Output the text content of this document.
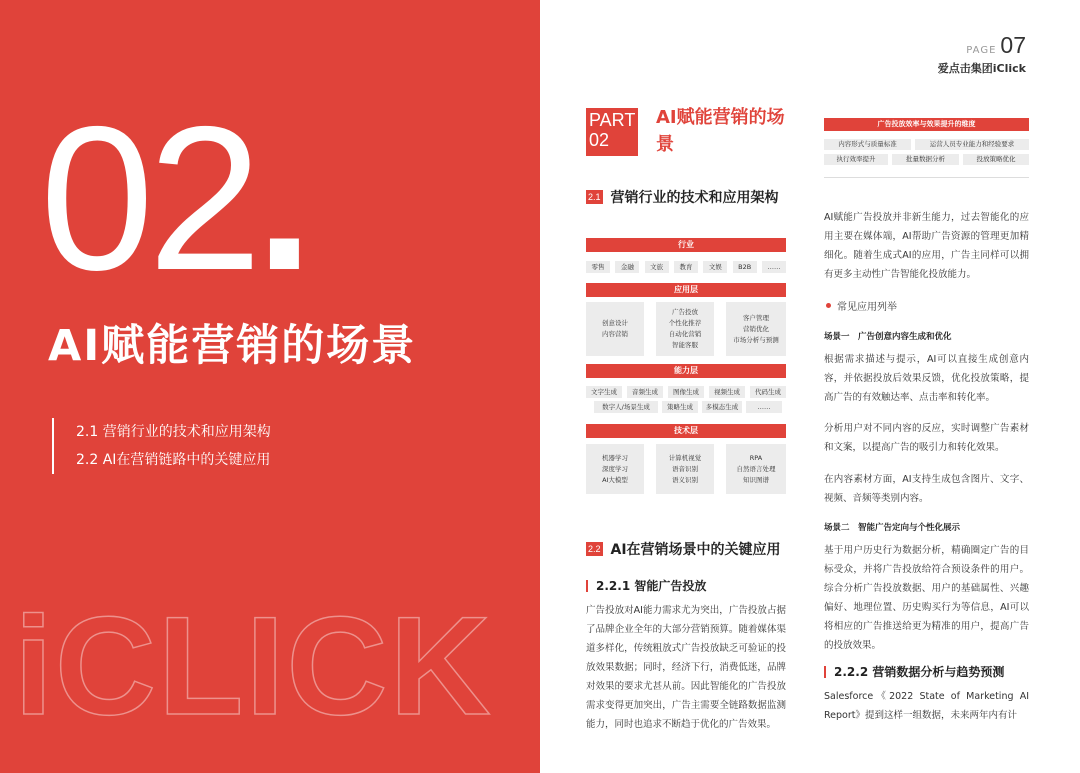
02.
AI赋能营销的场景
2.1 营销行业的技术和应用架构
2.2 AI在营销链路中的关键应用
iCLICK
PAGE 07
爱点击集团iClick
PART
02
AI赋能营销的场景
2.1 营销行业的技术和应用架构
行业
零售	金融	文旅	教育	文娱	B2B	……
应用层
创意设计
内容营销
广告投放
个性化推荐
自动化营销
智能客服
客户管理
营销优化
市场分析与预测
能力层
文字生成	音频生成	图像生成	视频生成	代码生成
数字人/场景生成	策略生成	多模态生成	……
技术层
机器学习
深度学习
AI大模型
计算机视觉
语音识别
语义识别
RPA
自然语言处理
知识图谱
2.2 AI在营销场景中的关键应用
2.2.1 智能广告投放
广告投放对AI能力需求尤为突出，广告投放占据了品牌企业全年的大部分营销预算。随着媒体渠道多样化，传统粗放式广告投放缺乏可验证的投放效果数据；同时，经济下行，消费低迷，品牌对效果的要求尤甚从前。因此智能化的广告投放需求变得更加突出，广告主需要全链路数据监测能力，同时也追求不断趋于优化的广告效果。
广告投放效率与效果提升的维度
内容形式与质量标准	运营人员专业能力和经验要求
执行效率提升	批量数据分析	投放策略优化
AI赋能广告投放并非新生能力，过去智能化的应用主要在媒体端，AI帮助广告资源的管理更加精细化。随着生成式AI的应用，广告主同样可以拥有更多主动性广告智能化投放能力。
常见应用列举
场景一　广告创意内容生成和优化
根据需求描述与提示，AI可以直接生成创意内容，并依据投放后效果反馈，优化投放策略，提高广告的有效触达率、点击率和转化率。
分析用户对不同内容的反应，实时调整广告素材和文案，以提高广告的吸引力和转化效果。
在内容素材方面，AI支持生成包含图片、文字、视频、音频等类别内容。
场景二　智能广告定向与个性化展示
基于用户历史行为数据分析，精确圈定广告的目标受众，并将广告投放给符合预设条件的用户。综合分析广告投放数据、用户的基础属性、兴趣偏好、地理位置、历史购买行为等信息，AI可以将相应的广告推送给更为精准的用户，提高广告的投放效果。
2.2.2 营销数据分析与趋势预测
Salesforce《2022 State of Marketing AI Report》提到这样一组数据，未来两年内有计
